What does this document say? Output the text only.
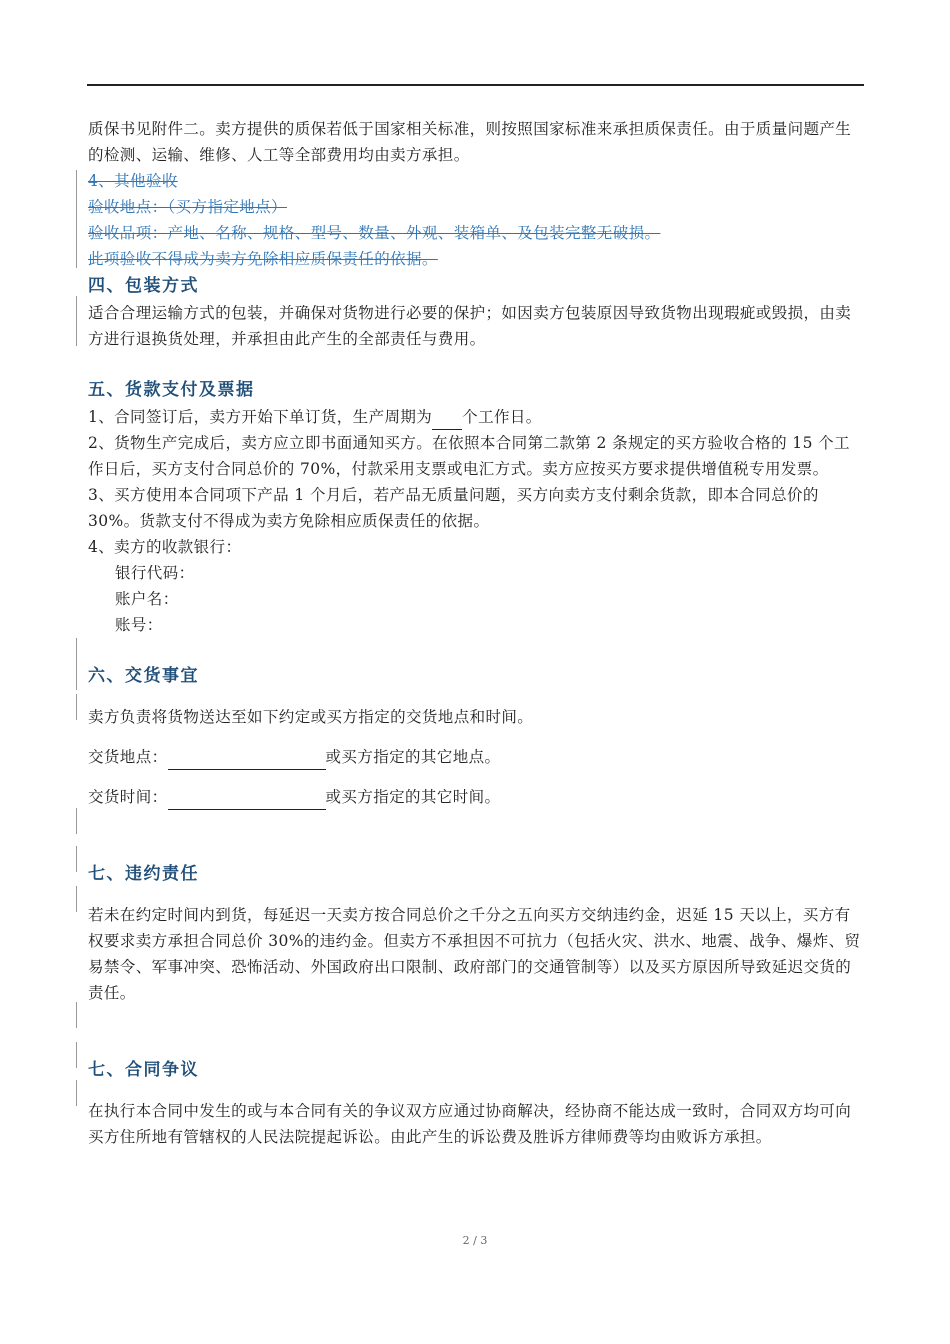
质保书见附件二。卖方提供的质保若低于国家相关标准，则按照国家标准来承担质保责任。由于质量问题产生的检测、运输、维修、人工等全部费用均由卖方承担。

4、其他验收

验收地点：（买方指定地点）

验收品项：产地、名称、规格、型号、数量、外观、装箱单、及包装完整无破损。

此项验收不得成为卖方免除相应质保责任的依据。

四、包装方式

适合合理运输方式的包装，并确保对货物进行必要的保护；如因卖方包装原因导致货物出现瑕疵或毁损，由卖方进行退换货处理，并承担由此产生的全部责任与费用。

五、货款支付及票据

1、合同签订后，卖方开始下单订货，生产周期为 个工作日。

2、货物生产完成后，卖方应立即书面通知买方。在依照本合同第二款第 2 条规定的买方验收合格的 15 个工作日后，买方支付合同总价的 70%，付款采用支票或电汇方式。卖方应按买方要求提供增值税专用发票。

3、买方使用本合同项下产品 1 个月后，若产品无质量问题，买方向卖方支付剩余货款，即本合同总价的 30%。货款支付不得成为卖方免除相应质保责任的依据。

4、卖方的收款银行：

银行代码：

账户名：

账号：

六、交货事宜

卖方负责将货物送达至如下约定或买方指定的交货地点和时间。

交货地点：	或买方指定的其它地点。

交货时间：	或买方指定的其它时间。

七、违约责任

若未在约定时间内到货，每延迟一天卖方按合同总价之千分之五向买方交纳违约金，迟延 15 天以上，买方有权要求卖方承担合同总价 30%的违约金。但卖方不承担因不可抗力（包括火灾、洪水、地震、战争、爆炸、贸易禁令、军事冲突、恐怖活动、外国政府出口限制、政府部门的交通管制等）以及买方原因所导致延迟交货的责任。

七、合同争议

在执行本合同中发生的或与本合同有关的争议双方应通过协商解决，经协商不能达成一致时，合同双方均可向买方住所地有管辖权的人民法院提起诉讼。由此产生的诉讼费及胜诉方律师费等均由败诉方承担。

2 / 3
